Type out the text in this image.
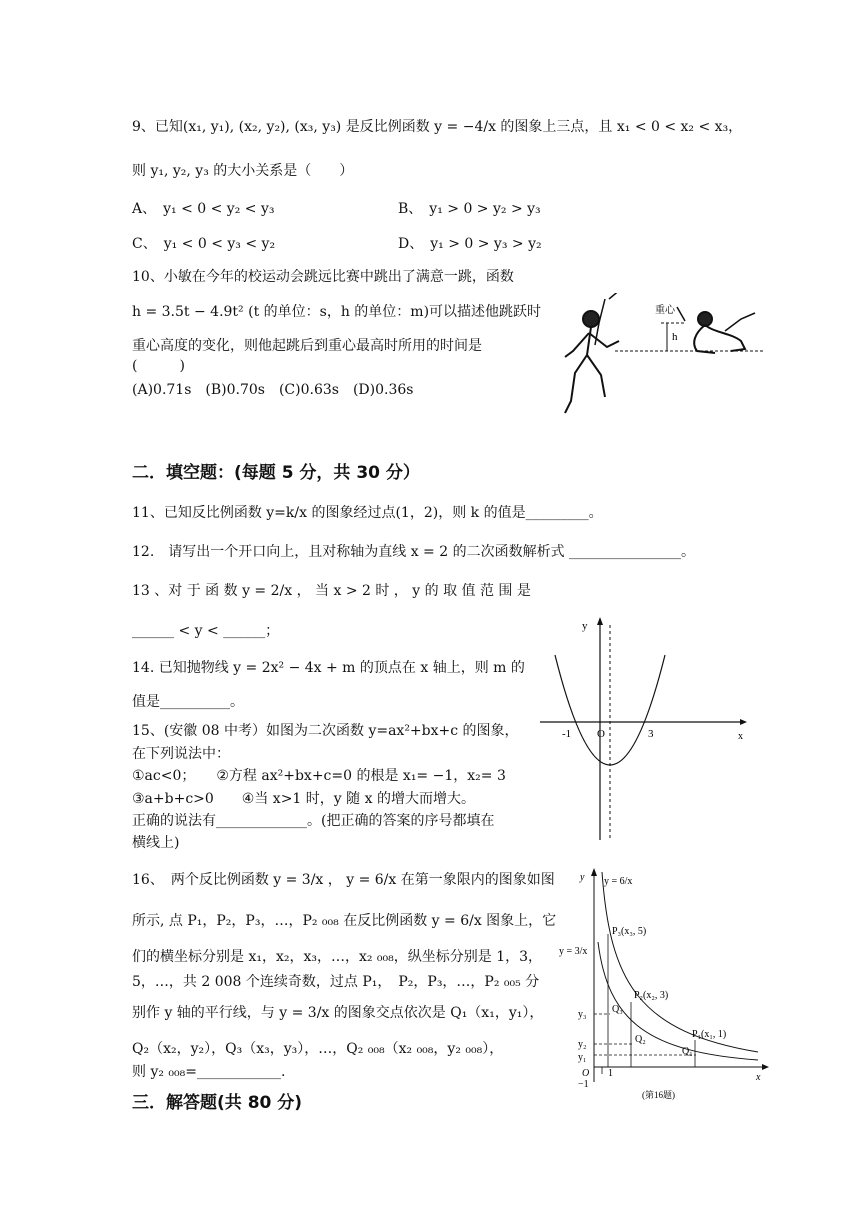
9、已知(x₁, y₁), (x₂, y₂), (x₃, y₃) 是反比例函数 y = −4/x 的图象上三点，且 x₁ < 0 < x₂ < x₃，
则 y₁, y₂, y₃ 的大小关系是（　　）
A、　y₁ < 0 < y₂ < y₃	B、　y₁ > 0 > y₂ > y₃
C、　y₁ < 0 < y₃ < y₂	D、　y₁ > 0 > y₃ > y₂
10、小敏在今年的校运动会跳远比赛中跳出了满意一跳，函数
h = 3.5t − 4.9t² (t 的单位：s，h 的单位：m)可以描述他跳跃时
重心高度的变化，则他起跳后到重心最高时所用的时间是
(　　　)
(A)0.71s　(B)0.70s　(C)0.63s　(D)0.36s
h
重心
二．填空题：(每题 5 分，共 30 分）
11、已知反比例函数 y=k/x 的图象经过点(1，2)，则 k 的值是_________。
12.　请写出一个开口向上，且对称轴为直线 x = 2 的二次函数解析式 ________________。
13 、对 于 函 数 y = 2/x ， 当 x > 2 时 ， y 的 取 值 范 围 是
______ < y < ______；
14. 已知抛物线 y = 2x² − 4x + m 的顶点在 x 轴上，则 m 的
值是__________。
15、(安徽 08 中考）如图为二次函数 y=ax²+bx+c 的图象，
在下列说法中：
①ac<0；　　②方程 ax²+bx+c=0 的根是 x₁= −1，x₂= 3
③a+b+c>0　　④当 x>1 时，y 随 x 的增大而增大。
正确的说法有_____________。(把正确的答案的序号都填在
横线上)
y
x
-1 O	3
16、　两个反比例函数 y = 3/x ， y = 6/x 在第一象限内的图象如图
所示, 点 P₁，P₂，P₃，…，P₂ ₀₀₈ 在反比例函数 y = 6/x 图象上，它
们的横坐标分别是 x₁，x₂，x₃，…，x₂ ₀₀₈，纵坐标分别是 1，3，
5，…，共 2 008 个连续奇数，过点 P₁，　P₂，P₃，…，P₂ ₀₀₅ 分
别作 y 轴的平行线，与 y = 3/x 的图象交点依次是 Q₁（x₁，y₁），
Q₂（x₂，y₂），Q₃（x₃，y₃），…，Q₂ ₀₀₈（x₂ ₀₀₈，y₂ ₀₀₈），
则 y₂ ₀₀₈=____________.
y
x
y = 6/x
y = 3/x
P₃(x₃, 5)
P₂(x₂, 3)
P₁(x₁, 1)
Q₃
Q₂
Q₁
y₃
y₂
y₁
O 1
−1
(第16题)
三．解答题(共 80 分)
